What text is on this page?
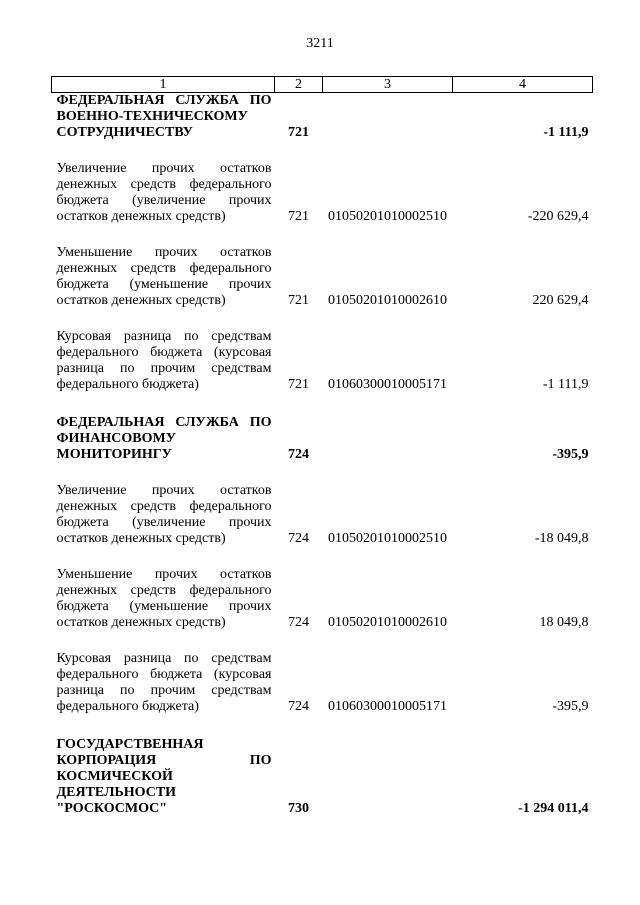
3211
1	2	3	4
ФЕДЕРАЛЬНАЯ СЛУЖБА ПО ВОЕННО-ТЕХНИЧЕСКОМУ СОТРУДНИЧЕСТВУ	721		-1 111,9

Увеличение прочих остатков денежных средств федерального бюджета (увеличение прочих остатков денежных средств)	721	01050201010002510	-220 629,4

Уменьшение прочих остатков денежных средств федерального бюджета (уменьшение прочих остатков денежных средств)	721	01050201010002610	220 629,4

Курсовая разница по средствам федерального бюджета (курсовая разница по прочим средствам федерального бюджета)	721	01060300010005171	-1 111,9

ФЕДЕРАЛЬНАЯ СЛУЖБА ПО ФИНАНСОВОМУ МОНИТОРИНГУ	724		-395,9

Увеличение прочих остатков денежных средств федерального бюджета (увеличение прочих остатков денежных средств)	724	01050201010002510	-18 049,8

Уменьшение прочих остатков денежных средств федерального бюджета (уменьшение прочих остатков денежных средств)	724	01050201010002610	18 049,8

Курсовая разница по средствам федерального бюджета (курсовая разница по прочим средствам федерального бюджета)	724	01060300010005171	-395,9

ГОСУДАРСТВЕННАЯ КОРПОРАЦИЯ ПО КОСМИЧЕСКОЙ ДЕЯТЕЛЬНОСТИ "РОСКОСМОС"	730		-1 294 011,4
